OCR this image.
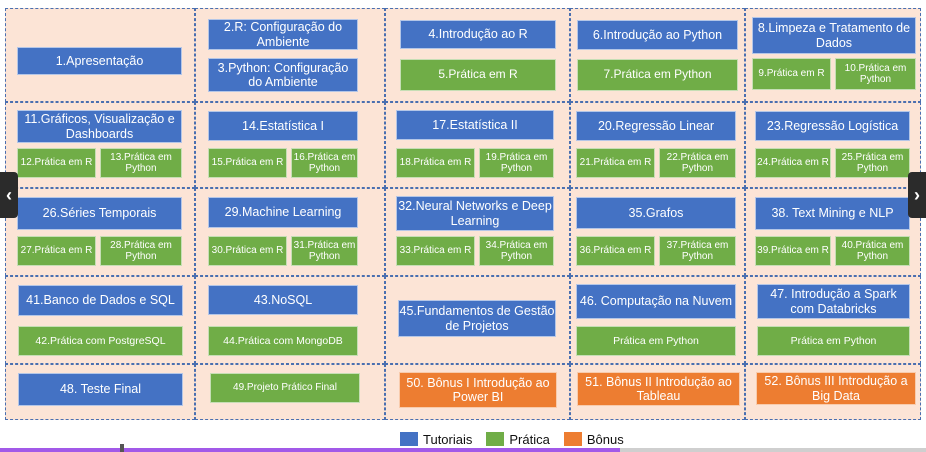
1.Apresentação
2.R: Configuração do Ambiente
3.Python: Configuração do Ambiente
4.Introdução ao R
5.Prática em R
6.Introdução ao Python
7.Prática em Python
8.Limpeza e Tratamento de Dados
9.Prática em R
10.Prática em Python
11.Gráficos, Visualização e Dashboards
12.Prática em R
13.Prática em Python
14.Estatística I
15.Prática em R
16.Prática em Python
17.Estatística II
18.Prática em R
19.Prática em Python
20.Regressão Linear
21.Prática em R
22.Prática em Python
23.Regressão Logística
24.Prática em R
25.Prática em Python
26.Séries Temporais
27.Prática em R
28.Prática em Python
29.Machine Learning
30.Prática em R
31.Prática em Python
32.Neural Networks e Deep Learning
33.Prática em R
34.Prática em Python
35.Grafos
36.Prática em R
37.Prática em Python
38. Text Mining e NLP
39.Prática em R
40.Prática em Python
41.Banco de Dados e SQL
42.Prática com PostgreSQL
43.NoSQL
44.Prática com MongoDB
45.Fundamentos de Gestão de Projetos
46. Computação na Nuvem
Prática em Python
47. Introdução a Spark com Databricks
Prática em Python
48. Teste Final	49.Projeto Prático Final	50. Bônus I Introdução ao Power BI
51. Bônus II Introdução ao Tableau
52. Bônus III Introdução a Big Data
‹	›
Tutoriais	Prática	Bônus
